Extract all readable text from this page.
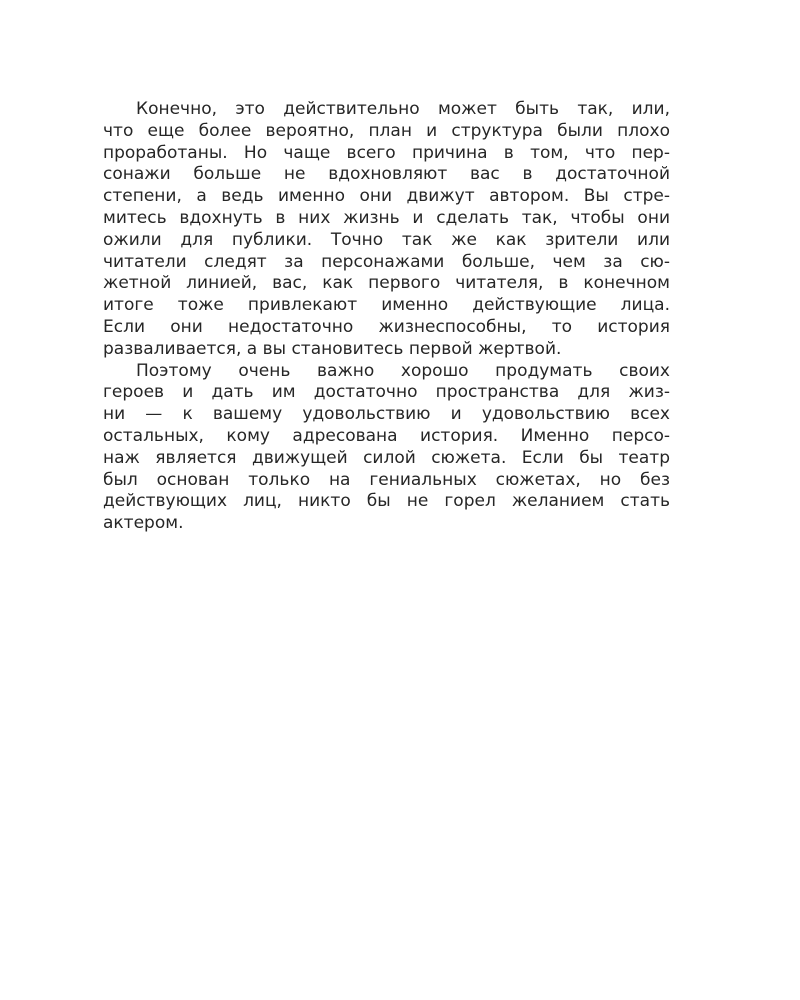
Конечно, это действительно может быть так, или,
что еще более вероятно, план и структура были плохо
проработаны. Но чаще всего причина в том, что пер-
сонажи больше не вдохновляют вас в достаточной
степени, а ведь именно они движут автором. Вы стре-
митесь вдохнуть в них жизнь и сделать так, чтобы они
ожили для публики. Точно так же как зрители или
читатели следят за персонажами больше, чем за сю-
жетной линией, вас, как первого читателя, в конечном
итоге тоже привлекают именно действующие лица.
Если они недостаточно жизнеспособны, то история
разваливается, а вы становитесь первой жертвой.
Поэтому очень важно хорошо продумать своих
героев и дать им достаточно пространства для жиз-
ни — к вашему удовольствию и удовольствию всех
остальных, кому адресована история. Именно персо-
наж является движущей силой сюжета. Если бы театр
был основан только на гениальных сюжетах, но без
действующих лиц, никто бы не горел желанием стать
актером.
